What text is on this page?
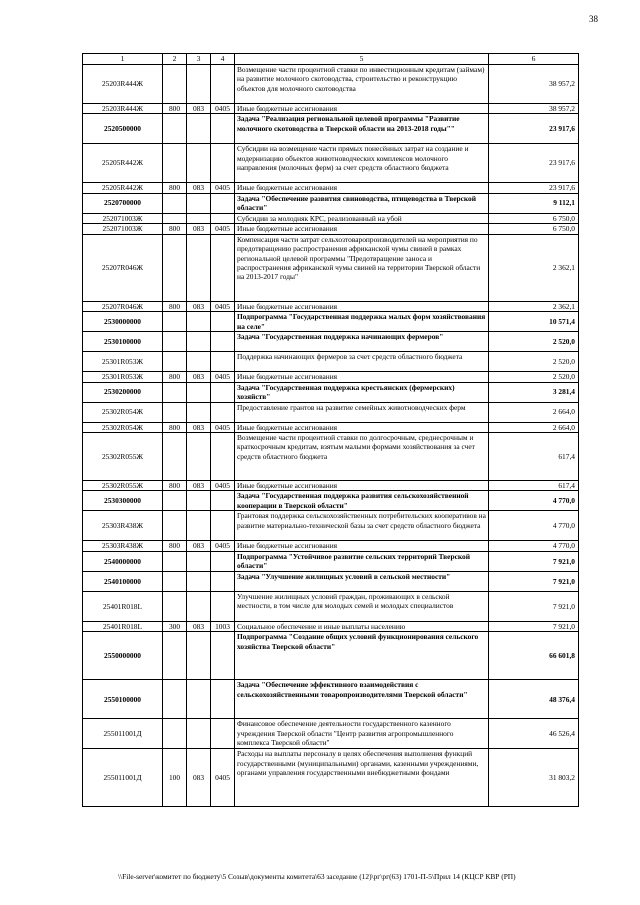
38
1	2	3	4	5	6
25203R444Ж				Возмещение части процентной ставки по инвестиционным кредитам (займам) на развитие молочного скотоводства, строительство и реконструкцию объектов для молочного скотоводства	38 957,2
25203R444Ж	800	083	0405	Иные бюджетные ассигнования	38 957,2
2520500000				Задача "Реализация региональной целевой программы "Развитие молочного скотоводства в Тверской области на 2013-2018 годы""	23 917,6
25205R442Ж				Субсидии на возмещение части прямых понесённых затрат на создание и модернизацию объектов животноводческих комплексов молочного направления (молочных ферм) за счет средств областного бюджета	23 917,6
25205R442Ж	800	083	0405	Иные бюджетные ассигнования	23 917,6
2520700000				Задача "Обеспечение развития свиноводства, птицеводства в Тверской области"	9 112,1
252071003Ж				Субсидии за молодняк КРС, реализованный на убой	6 750,0
252071003Ж	800	083	0405	Иные бюджетные ассигнования	6 750,0
25207R046Ж				Компенсация части затрат сельхозтоваропроизводителей на мероприятия по предотвращению распространения африканской чумы свиней в рамках региональной целевой программы "Предотвращение заноса и распространения африканской чумы свиней на территории Тверской области на 2013-2017 годы"	2 362,1
25207R046Ж	800	083	0405	Иные бюджетные ассигнования	2 362,1
2530000000				Подпрограмма "Государственная поддержка малых форм хозяйствования на селе"	10 571,4
2530100000				Задача "Государственная поддержка начинающих фермеров"	2 520,0
25301R053Ж				Поддержка начинающих фермеров за счет средств областного бюджета	2 520,0
25301R053Ж	800	083	0405	Иные бюджетные ассигнования	2 520,0
2530200000				Задача "Государственная поддержка крестьянских (фермерских) хозяйств"	3 281,4
25302R054Ж				Предоставление грантов на развитие семейных животноводческих ферм	2 664,0
25302R054Ж	800	083	0405	Иные бюджетные ассигнования	2 664,0
25302R055Ж				Возмещение части процентной ставки по долгосрочным, среднесрочным и краткосрочным кредитам, взятым малыми формами хозяйствования за счет средств областного бюджета	617,4
25302R055Ж	800	083	0405	Иные бюджетные ассигнования	617,4
2530300000				Задача "Государственная поддержка развития сельскохозяйственной кооперации в Тверской области"	4 770,0
25303R438Ж				Грантовая поддержка сельскохозяйственных потребительских кооперативов на развитие материально-технической базы за счет средств областного бюджета	4 770,0
25303R438Ж	800	083	0405	Иные бюджетные ассигнования	4 770,0
2540000000				Подпрограмма "Устойчивое развитие сельских территорий Тверской области"	7 921,0
2540100000				Задача "Улучшение жилищных условий в сельской местности"	7 921,0
25401R018L				Улучшение жилищных условий граждан, проживающих в сельской местности, в том числе для молодых семей и молодых специалистов	7 921,0
25401R018L	300	083	1003	Социальное обеспечение и иные выплаты населению	7 921,0
2550000000				Подпрограмма "Создание общих условий функционирования сельского хозяйства Тверской области"	66 601,8
2550100000				Задача "Обеспечение эффективного взаимодействия с сельскохозяйственными товаропроизводителями Тверской области"	48 376,4
255011001Д				Финансовое обеспечение деятельности государственного казенного учреждения Тверской области "Центр развития агропромышленного комплекса Тверской области"	46 526,4
255011001Д	100	083	0405	Расходы на выплаты персоналу в целях обеспечения выполнения функций государственными (муниципальными) органами, казенными учреждениями, органами управления государственными внебюджетными фондами	31 803,2
\\File-server\комитет по бюджету\5 Созыв\документы комитета\63 заседание (12)\рг\рг(63) 1701-П-5\Прил 14 (КЦСР КВР (РП)
